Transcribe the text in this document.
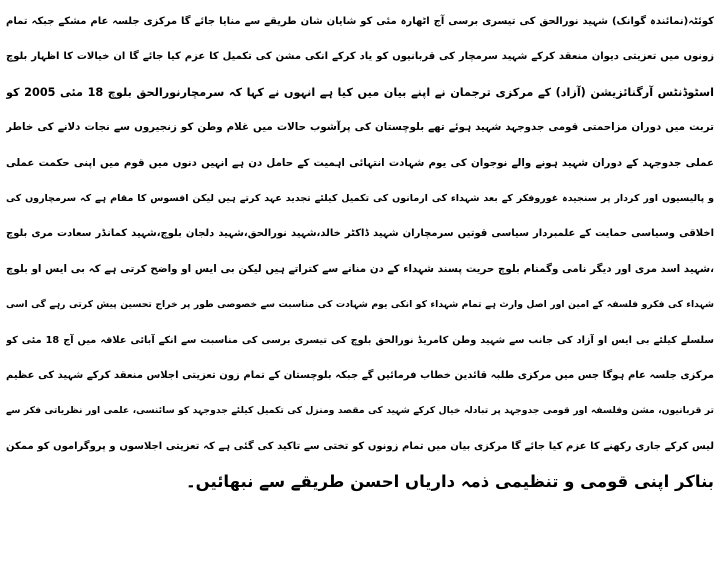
کوئٹہ(نمائندہ گوانک) شہید نورالحق کی تیسری برسی آج اٹھارہ مئی کو شایان شان طریقے سے منایا جائے گا مرکزی جلسہ عام مشکے جبکہ تمام
زونوں میں تعزیتی دیوان منعقد کرکے شہید سرمچار کی قربانیوں کو یاد کرکے انکی مشن کی تکمیل کا عزم کیا جائے گا ان خیالات کا اظہار بلوچ
اسٹوڈنٹس آرگنائزیشن (آزاد) کے مرکزی ترجمان نے اپنے بیان میں کیا ہے انہوں نے کہا کہ سرمچارنورالحق بلوچ 18 مئی 2005 کو
تربت میں دوران مزاحمتی قومی جدوجہد شہید ہوئے تھے بلوچستان کی پرآشوب حالات میں غلام وطن کو زنجیروں سے نجات دلانے کی خاطر
عملی جدوجہد کے دوران شہید ہونے والے نوجوان کی یوم شہادت انتہائی اہمیت کے حامل دن ہے انہیں دنوں میں قوم میں اپنی حکمت عملی
و پالیسیوں اور کردار پر سنجیدہ غوروفکر کے بعد شہداء کی ارمانوں کی تکمیل کیلئے تجدید عہد کرتے ہیں لیکن افسوس کا مقام ہے کہ سرمچاروں کی
اخلاقی وسیاسی حمایت کے علمبردار سیاسی قوتیں سرمچاران شہید ڈاکٹر خالد،شہید نورالحق،شہید دلجان بلوچ،شہید کمانڈر سعادت مری بلوچ
،شہید اسد مری اور دیگر نامی وگمنام بلوچ حریت پسند شہداء کے دن منانے سے کتراتے ہیں لیکن بی ایس او واضح کرتی ہے کہ بی ایس او بلوچ
شہداء کی فکرو فلسفہ کے امین اور اصل وارث ہے تمام شہداء کو انکی یوم شہادت کی مناسبت سے خصوصی طور پر خراج تحسین پیش کرتی رہے گی اسی
سلسلے کیلئے بی ایس او آزاد کی جانب سے شہید وطن کامریڈ نورالحق بلوچ کی تیسری برسی کی مناسبت سے انکے آبائی علاقہ میں آج 18 مئی کو
مرکزی جلسہ عام ہوگا جس میں مرکزی طلبہ قائدین خطاب فرمائیں گے جبکہ بلوچستان کے تمام زون تعزیتی اجلاس منعقد کرکے شہید کی عظیم
تر قربانیوں، مشن وفلسفہ اور قومی جدوجہد پر تبادلہ خیال کرکے شہید کی مقصد ومنزل کی تکمیل کیلئے جدوجہد کو سائنسی، علمی اور نظریاتی فکر سے
لیس کرکے جاری رکھنے کا عزم کیا جائے گا مرکزی بیان میں تمام زونوں کو تختی سے تاکید کی گئی ہے کہ تعزیتی اجلاسوں و پروگراموں کو ممکن
بناکر اپنی قومی و تنظیمی ذمہ داریاں احسن طریقے سے نبھائیں۔
